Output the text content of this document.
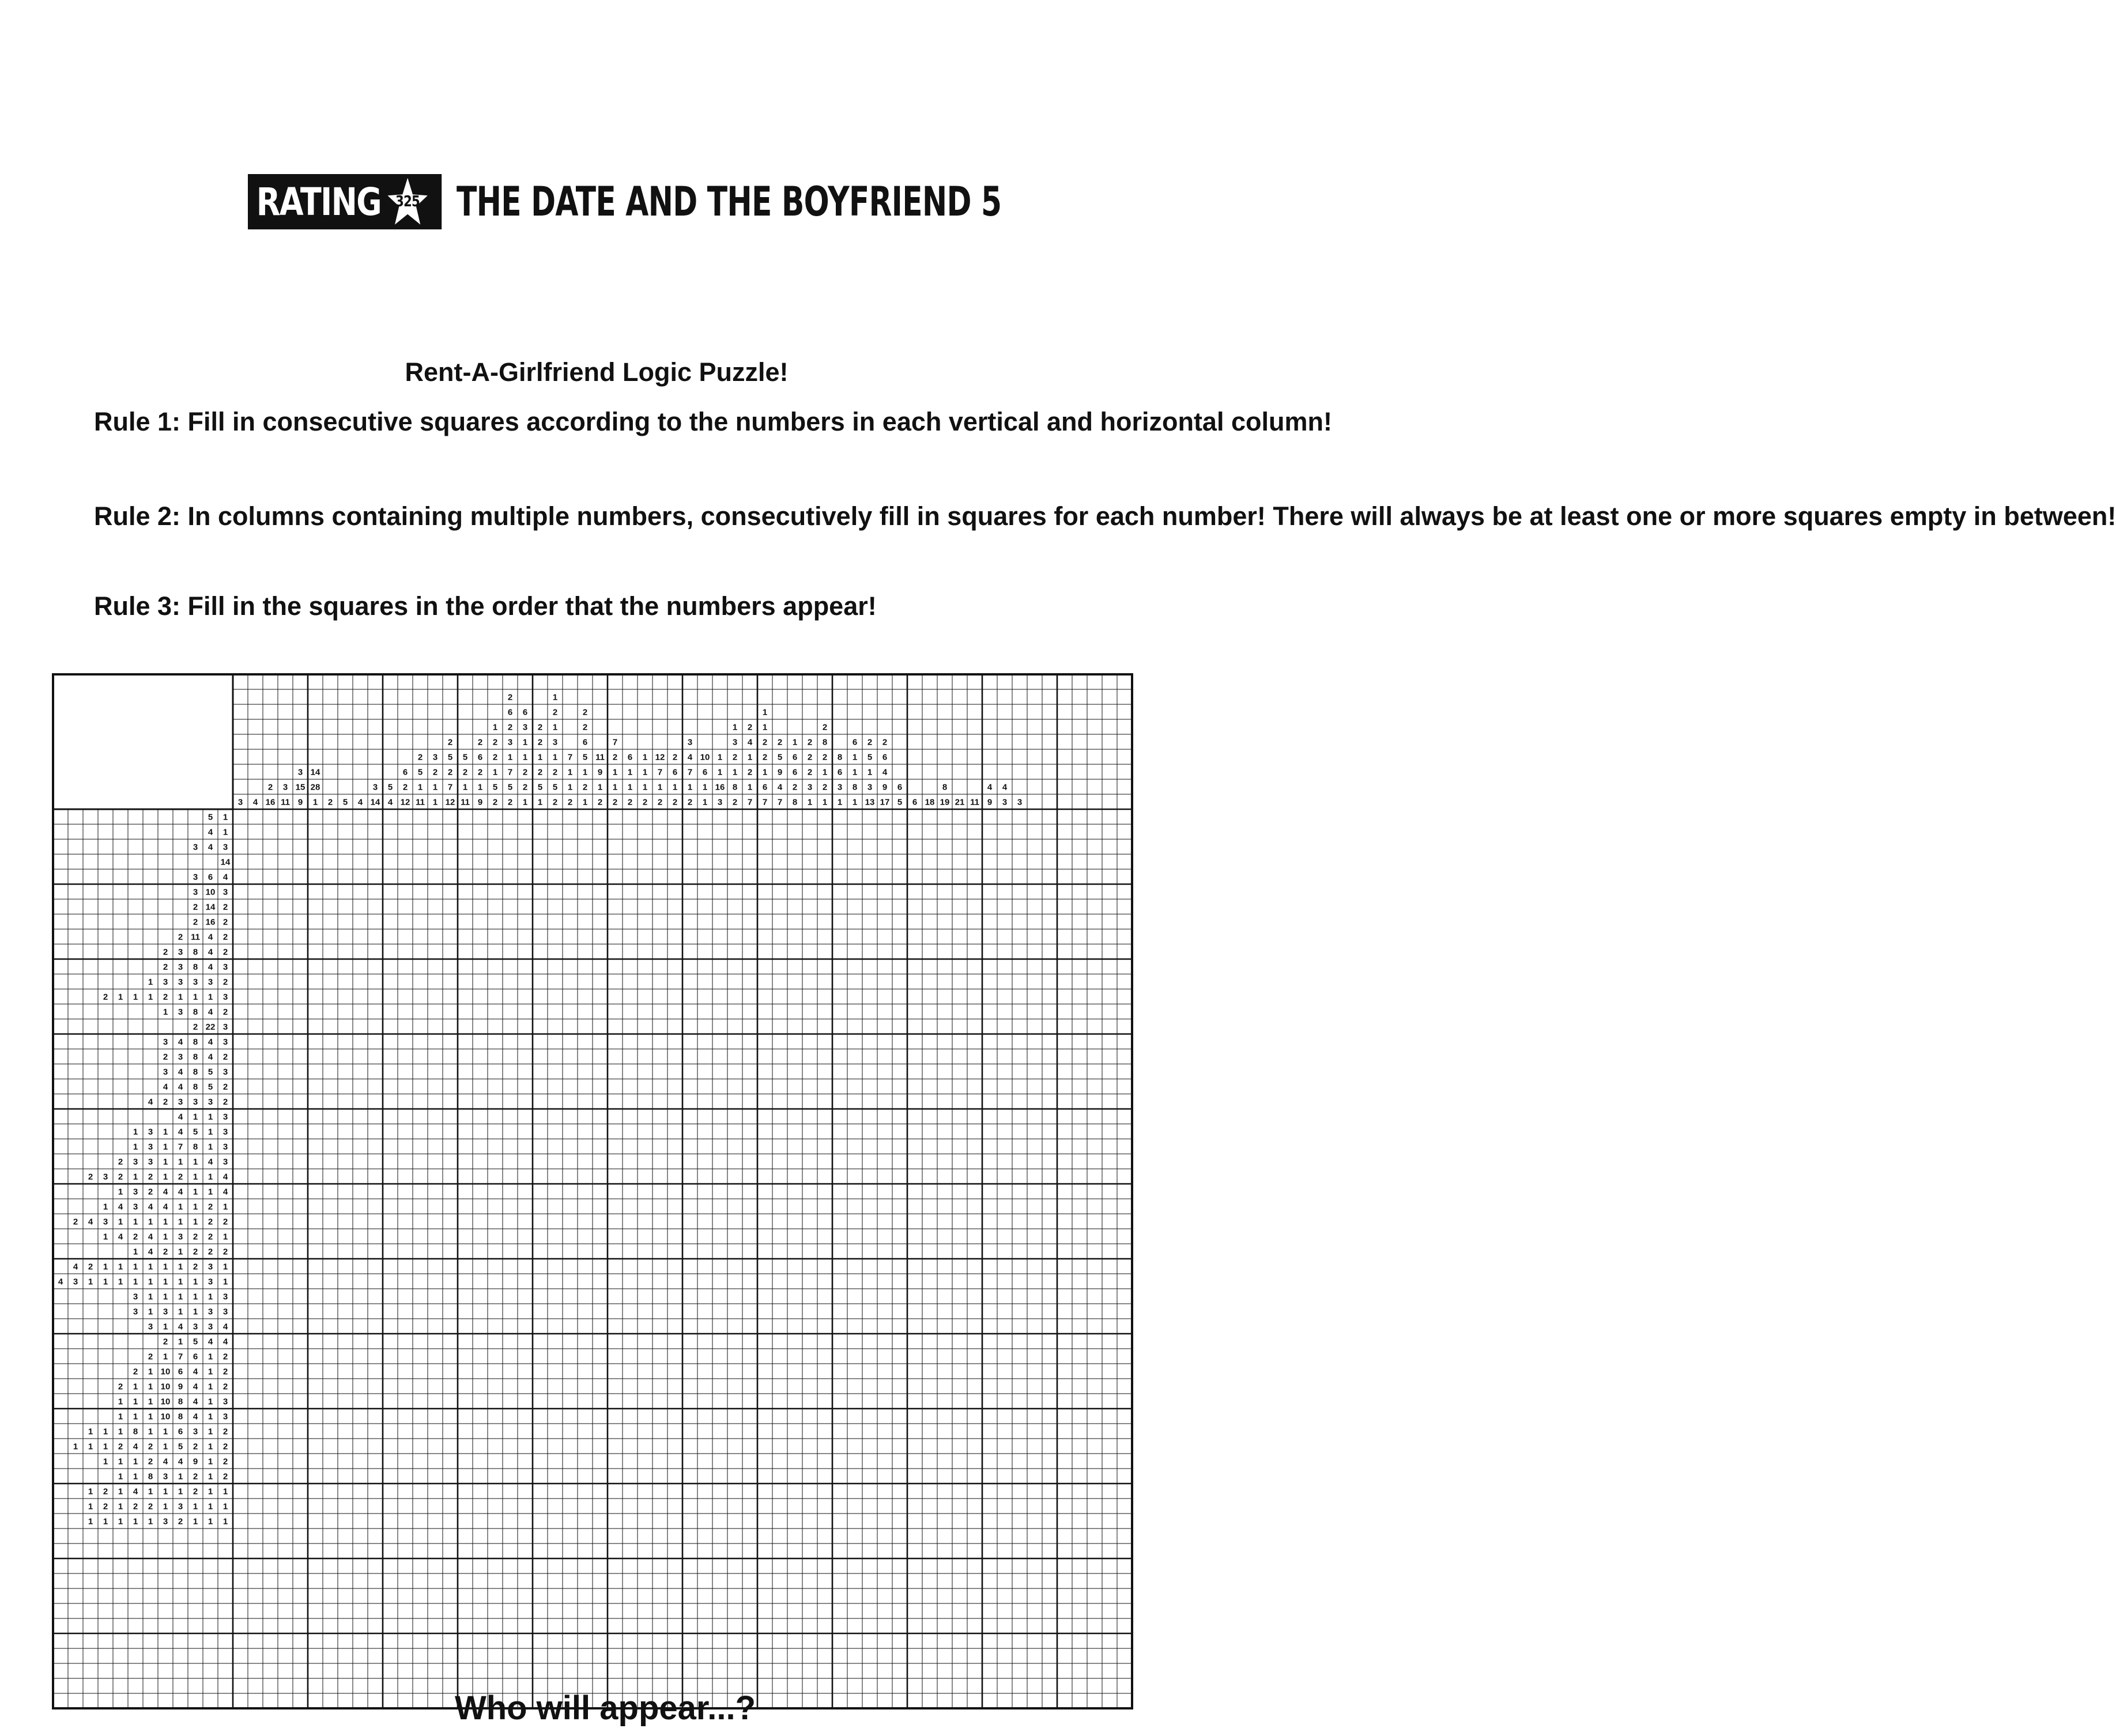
RATING 325 THE DATE AND THE BOYFRIEND 5
Rent-A-Girlfriend Logic Puzzle!
Rule 1: Fill in consecutive squares according to the numbers in each vertical and horizontal column!
Rule 2: In columns containing multiple numbers, consecutively fill in squares for each number! There will always be at least one or more squares empty in between!
Rule 3: Fill in the squares in the order that the numbers appear!
3 4
2
16
3
11
3
15
9
14
28
1 2 5 4
3
14
5
4
6
2
12
2
5
1
11
3
2
1
1
2
5
2
7
12
5
2
1
11
2
6
2
1
9
1
2
2
1
5
2
2
6
2
3
1
7
5
2
6
3
1
1
2
2
1
2
2
1
2
5
1
1
2
1
3
1
2
5
2
7
1
1
2
2
2
6
5
1
2
1
11
9
1
2
7
2
1
1
2
6
1
1
2
1
1
1
2
12
7
1
2
2
6
1
2
3
4
7
1
2
10
6
1
1
1
1
16
3
1
3
2
1
8
2
2
4
1
2
1
7
1
1
2
2
1
6
7
2
5
9
4
7
1
6
6
2
8
2
2
2
3
1
2
8
2
1
2
1
8
6
3
1
6
1
1
8
1
2
5
1
3
13
2
6
4
9
17
6
5 6 18
8
19 21 11
4
9
4
3 3
5 1
4 1
3 4 3
14
3 6 4
3 10 3
2 14 2
2 16 2
2 11 4 2
2 3 8 4 2
2 3 8 4 3
1 3 3 3 3 2
2 1 1 1 2 1 1 1 3
1 3 8 4 2
2 22 3
3 4 8 4 3
2 3 8 4 2
3 4 8 5 3
4 4 8 5 2
4 2 3 3 3 2
4 1 1 3
1 3 1 4 5 1 3
1 3 1 7 8 1 3
2 3 3 1 1 1 4 3
2 3 2 1 2 1 2 1 1 4
1 3 2 4 4 1 1 4
1 4 3 4 4 1 1 2 1
2 4 3 1 1 1 1 1 1 2 2
1 4 2 4 1 3 2 2 1
1 4 2 1 2 2 2
4 2 1 1 1 1 1 1 2 3 1
4 3 1 1 1 1 1 1 1 1 3 1
3 1 1 1 1 1 3
3 1 3 1 1 3 3
3 1 4 3 3 4
2 1 5 4 4
2 1 7 6 1 2
2 1 10 6 4 1 2
2 1 1 10 9 4 1 2
1 1 1 10 8 4 1 3
1 1 1 10 8 4 1 3
1 1 1 8 1 1 6 3 1 2
1 1 1 2 4 2 1 5 2 1 2
1 1 1 2 4 4 9 1 2
1 1 8 3 1 2 1 2
1 2 1 4 1 1 1 2 1 1
1 2 1 2 2 1 3 1 1 1
1 1 1 1 1 3 2 1 1 1
Who will appear...?
